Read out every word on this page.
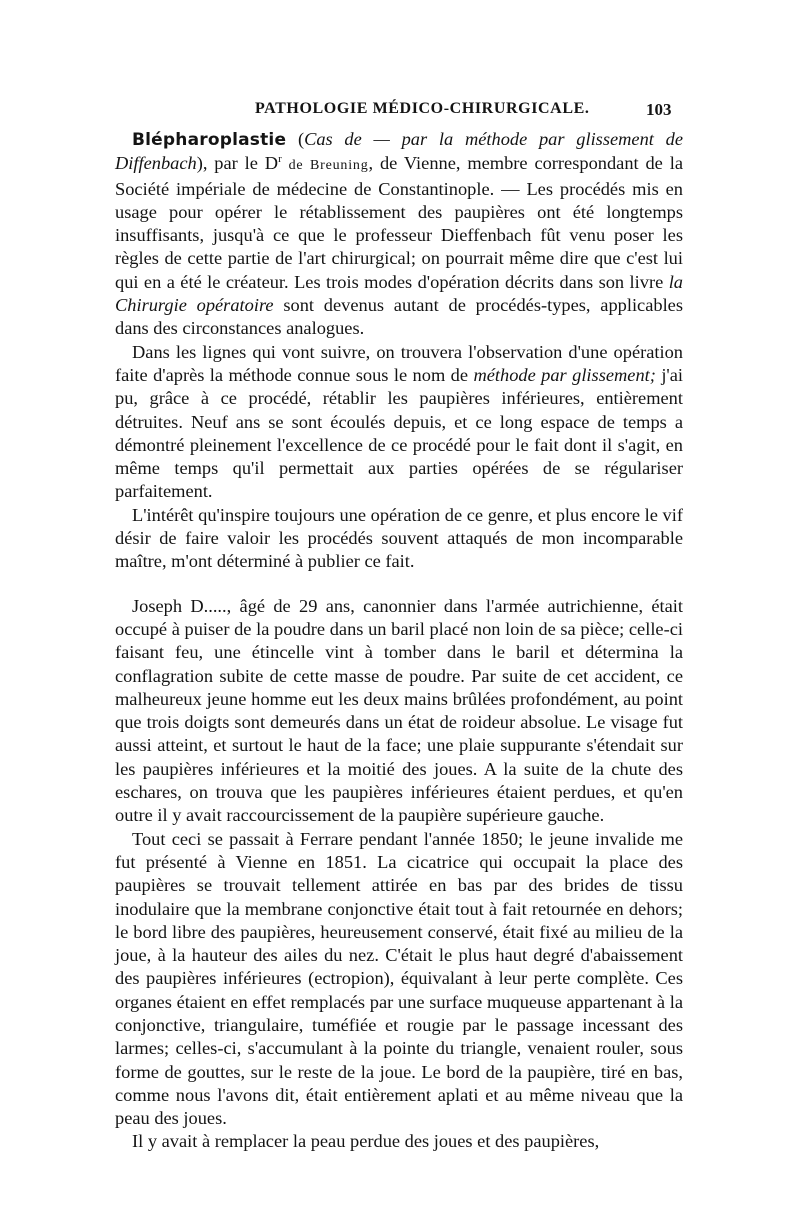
PATHOLOGIE MÉDICO-CHIRURGICALE.	103

Blépharoplastie (Cas de — par la méthode par glissement de Diffenbach), par le $D^r$ de Breuning, de Vienne, membre correspondant de la Société impériale de médecine de Constantinople. — Les procédés mis en usage pour opérer le rétablissement des paupières ont été longtemps insuffisants, jusqu'à ce que le professeur Dieffenbach fût venu poser les règles de cette partie de l'art chirurgical; on pourrait même dire que c'est lui qui en a été le créateur. Les trois modes d'opération décrits dans son livre la Chirurgie opératoire sont devenus autant de procédés-types, applicables dans des circonstances analogues.

Dans les lignes qui vont suivre, on trouvera l'observation d'une opération faite d'après la méthode connue sous le nom de méthode par glissement; j'ai pu, grâce à ce procédé, rétablir les paupières inférieures, entièrement détruites. Neuf ans se sont écoulés depuis, et ce long espace de temps a démontré pleinement l'excellence de ce procédé pour le fait dont il s'agit, en même temps qu'il permettait aux parties opérées de se régulariser parfaitement.

L'intérêt qu'inspire toujours une opération de ce genre, et plus encore le vif désir de faire valoir les procédés souvent attaqués de mon incomparable maître, m'ont déterminé à publier ce fait.

Joseph D....., âgé de 29 ans, canonnier dans l'armée autrichienne, était occupé à puiser de la poudre dans un baril placé non loin de sa pièce; celle-ci faisant feu, une étincelle vint à tomber dans le baril et détermina la conflagration subite de cette masse de poudre. Par suite de cet accident, ce malheureux jeune homme eut les deux mains brûlées profondément, au point que trois doigts sont demeurés dans un état de roideur absolue. Le visage fut aussi atteint, et surtout le haut de la face; une plaie suppurante s'étendait sur les paupières inférieures et la moitié des joues. A la suite de la chute des eschares, on trouva que les paupières inférieures étaient perdues, et qu'en outre il y avait raccourcissement de la paupière supérieure gauche.

Tout ceci se passait à Ferrare pendant l'année 1850; le jeune invalide me fut présenté à Vienne en 1851. La cicatrice qui occupait la place des paupières se trouvait tellement attirée en bas par des brides de tissu inodulaire que la membrane conjonctive était tout à fait retournée en dehors; le bord libre des paupières, heureusement conservé, était fixé au milieu de la joue, à la hauteur des ailes du nez. C'était le plus haut degré d'abaissement des paupières inférieures (ectropion), équivalant à leur perte complète. Ces organes étaient en effet remplacés par une surface muqueuse appartenant à la conjonctive, triangulaire, tuméfiée et rougie par le passage incessant des larmes; celles-ci, s'accumulant à la pointe du triangle, venaient rouler, sous forme de gouttes, sur le reste de la joue. Le bord de la paupière, tiré en bas, comme nous l'avons dit, était entièrement aplati et au même niveau que la peau des joues.

Il y avait à remplacer la peau perdue des joues et des paupières,
